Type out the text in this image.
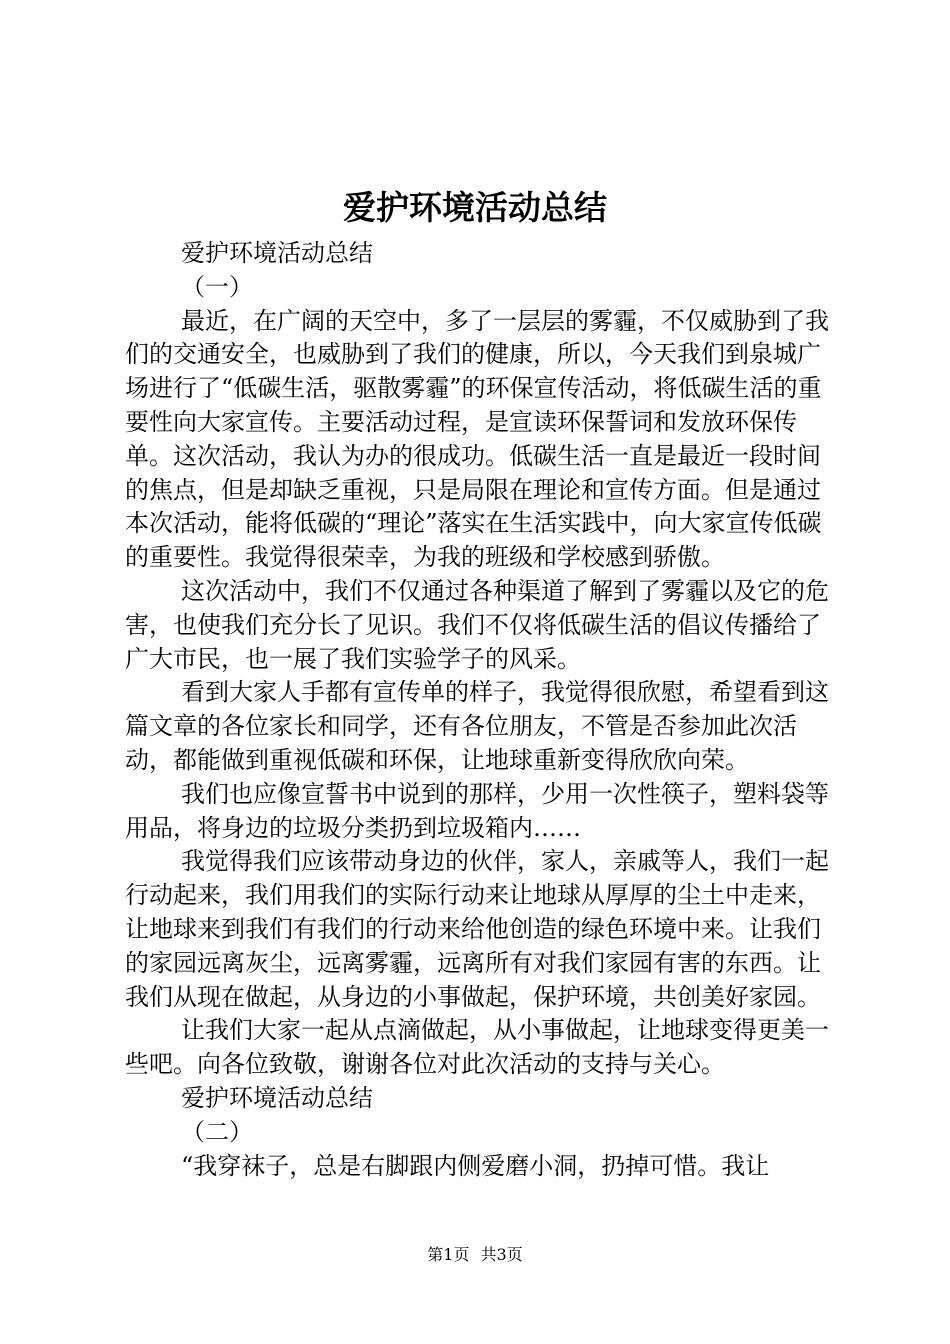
爱护环境活动总结

爱护环境活动总结

（一）

最近，在广阔的天空中，多了一层层的雾霾，不仅威胁到了我们的交通安全，也威胁到了我们的健康，所以，今天我们到泉城广场进行了“低碳生活，驱散雾霾”的环保宣传活动，将低碳生活的重要性向大家宣传。主要活动过程，是宣读环保誓词和发放环保传单。这次活动，我认为办的很成功。低碳生活一直是最近一段时间的焦点，但是却缺乏重视，只是局限在理论和宣传方面。但是通过本次活动，能将低碳的“理论”落实在生活实践中，向大家宣传低碳的重要性。我觉得很荣幸，为我的班级和学校感到骄傲。

这次活动中，我们不仅通过各种渠道了解到了雾霾以及它的危害，也使我们充分长了见识。我们不仅将低碳生活的倡议传播给了广大市民，也一展了我们实验学子的风采。

看到大家人手都有宣传单的样子，我觉得很欣慰，希望看到这篇文章的各位家长和同学，还有各位朋友，不管是否参加此次活动，都能做到重视低碳和环保，让地球重新变得欣欣向荣。

我们也应像宣誓书中说到的那样，少用一次性筷子，塑料袋等用品，将身边的垃圾分类扔到垃圾箱内……

我觉得我们应该带动身边的伙伴，家人，亲戚等人，我们一起行动起来，我们用我们的实际行动来让地球从厚厚的尘土中走来，让地球来到我们有我们的行动来给他创造的绿色环境中来。让我们的家园远离灰尘，远离雾霾，远离所有对我们家园有害的东西。让我们从现在做起，从身边的小事做起，保护环境，共创美好家园。

让我们大家一起从点滴做起，从小事做起，让地球变得更美一些吧。向各位致敬，谢谢各位对此次活动的支持与关心。

爱护环境活动总结

（二）

“我穿袜子，总是右脚跟内侧爱磨小洞，扔掉可惜。我让

第1页 共3页
